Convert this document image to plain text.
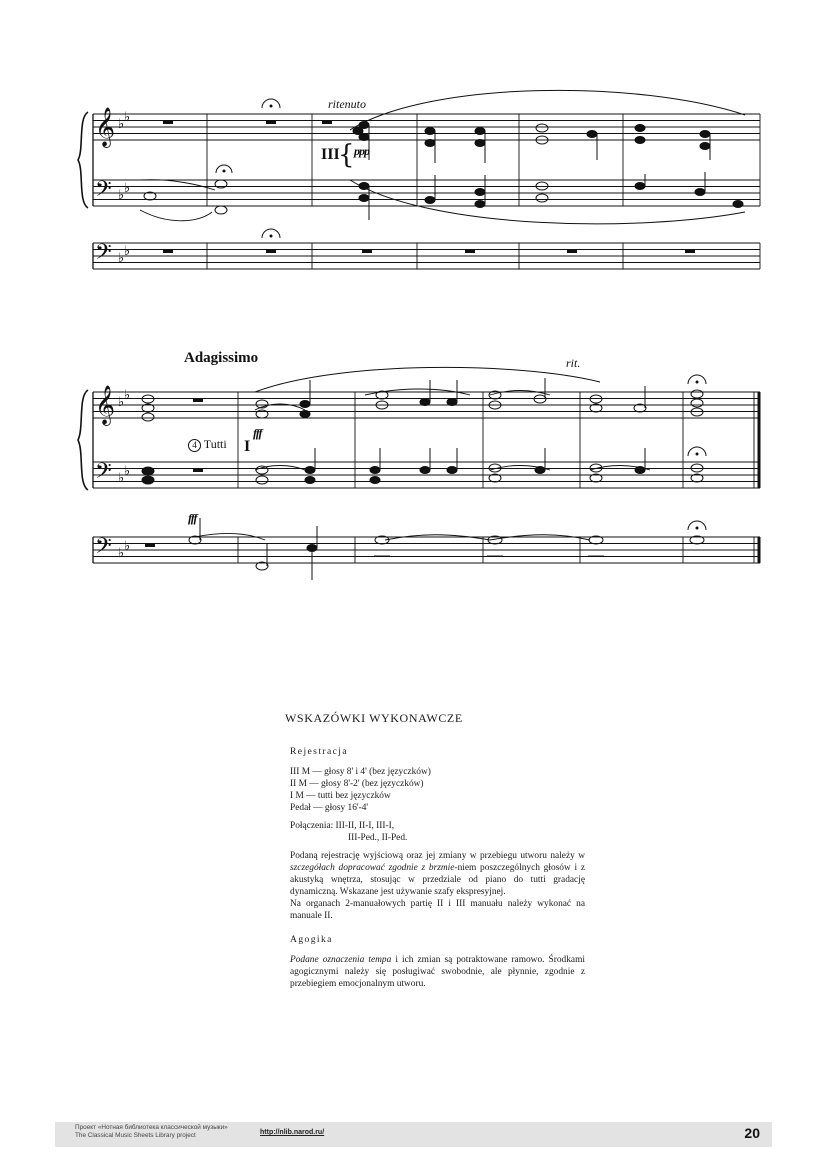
𝄞
𝄢
𝄢
𝄞
𝄢
𝄢
♭ ♭
♭ ♭
♭ ♭
♭ ♭
♭ ♭
♭ ♭
ritenuto
III
{ ppp
Adagissimo	rit.
4 Tutti I
fff
fff
WSKAZÓWKI WYKONAWCZE
Rejestracja
III M — głosy 8' i 4' (bez języczków)
II M — głosy 8'-2' (bez języczków)
I M — tutti bez języczków
Pedał — głosy 16'-4'
Połączenia: III-II, II-I, III-I,
III-Ped., II-Ped.

Podaną rejestrację wyjściową oraz jej zmiany w przebiegu utworu należy w szczegółach dopracować zgodnie z brzmie-niem poszczególnych głosów i z akustyką wnętrza, stosując w przedziale od piano do tutti gradację dynamiczną. Wskazane jest używanie szafy ekspresyjnej.

Na organach 2-manuałowych partię II i III manuału należy wykonać na manuale II.

Agogika

Podane oznaczenia tempa i ich zmian są potraktowane ramowo. Środkami agogicznymi należy się posługiwać swobodnie, ale płynnie, zgodnie z przebiegiem emocjonalnym utworu.

Проект «Нотная библиотека классической музыки»
The Classical Music Sheets Library project	http://nlib.narod.ru/	20
